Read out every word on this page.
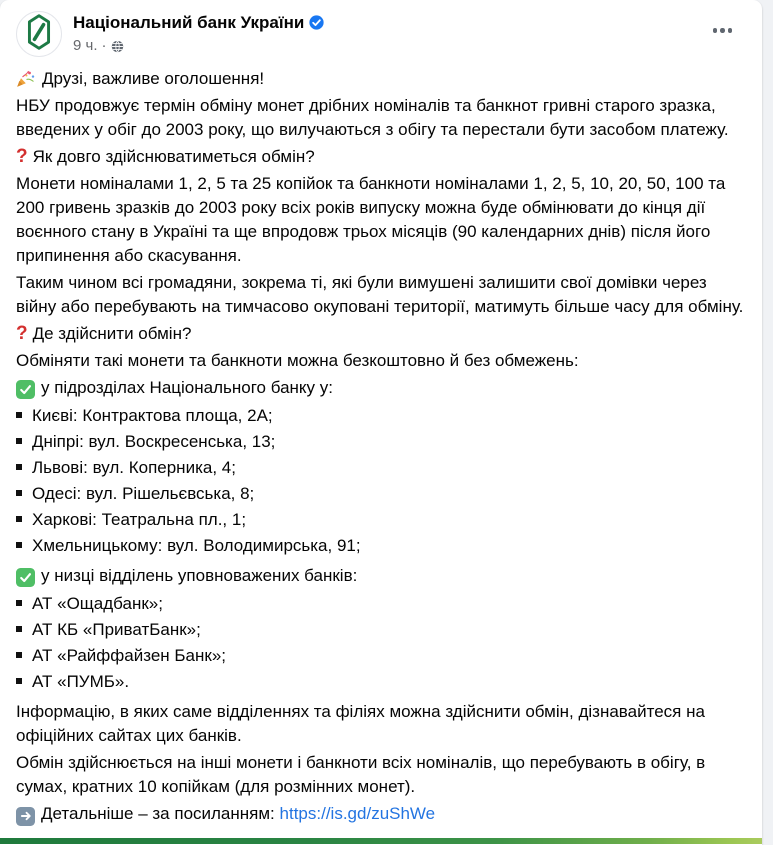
Національний банк України
9 ч. ·

Друзі, важливе оголошення!

НБУ продовжує термін обміну монет дрібних номіналів та банкнот гривні старого зразка, введених у обіг до 2003 року, що вилучаються з обігу та перестали бути засобом платежу.

? Як довго здійснюватиметься обмін?

Монети номіналами 1, 2, 5 та 25 копійок та банкноти номіналами 1, 2, 5, 10, 20, 50, 100 та 200 гривень зразків до 2003 року всіх років випуску можна буде обмінювати до кінця дії воєнного стану в Україні та ще впродовж трьох місяців (90 календарних днів) після його припинення або скасування.

Таким чином всі громадяни, зокрема ті, які були вимушені залишити свої домівки через війну або перебувають на тимчасово окуповані території, матимуть більше часу для обміну.

? Де здійснити обмін?

Обміняти такі монети та банкноти можна безкоштовно й без обмежень:

у підрозділах Національного банку у:

Києві: Контрактова площа, 2А;
Дніпрі: вул. Воскресенська, 13;
Львові: вул. Коперника, 4;
Одесі: вул. Рішельєвська, 8;
Харкові: Театральна пл., 1;
Хмельницькому: вул. Володимирська, 91;

у низці відділень уповноважених банків:

АТ «Ощадбанк»;
АТ КБ «ПриватБанк»;
АТ «Райффайзен Банк»;
АТ «ПУМБ».

Інформацію, в яких саме відділеннях та філіях можна здійснити обмін, дізнавайтеся на офіційних сайтах цих банків.

Обмін здійснюється на інші монети і банкноти всіх номіналів, що перебувають в обігу, в сумах, кратних 10 копійкам (для розмінних монет).

Детальніше – за посиланням: https://is.gd/zuShWe
